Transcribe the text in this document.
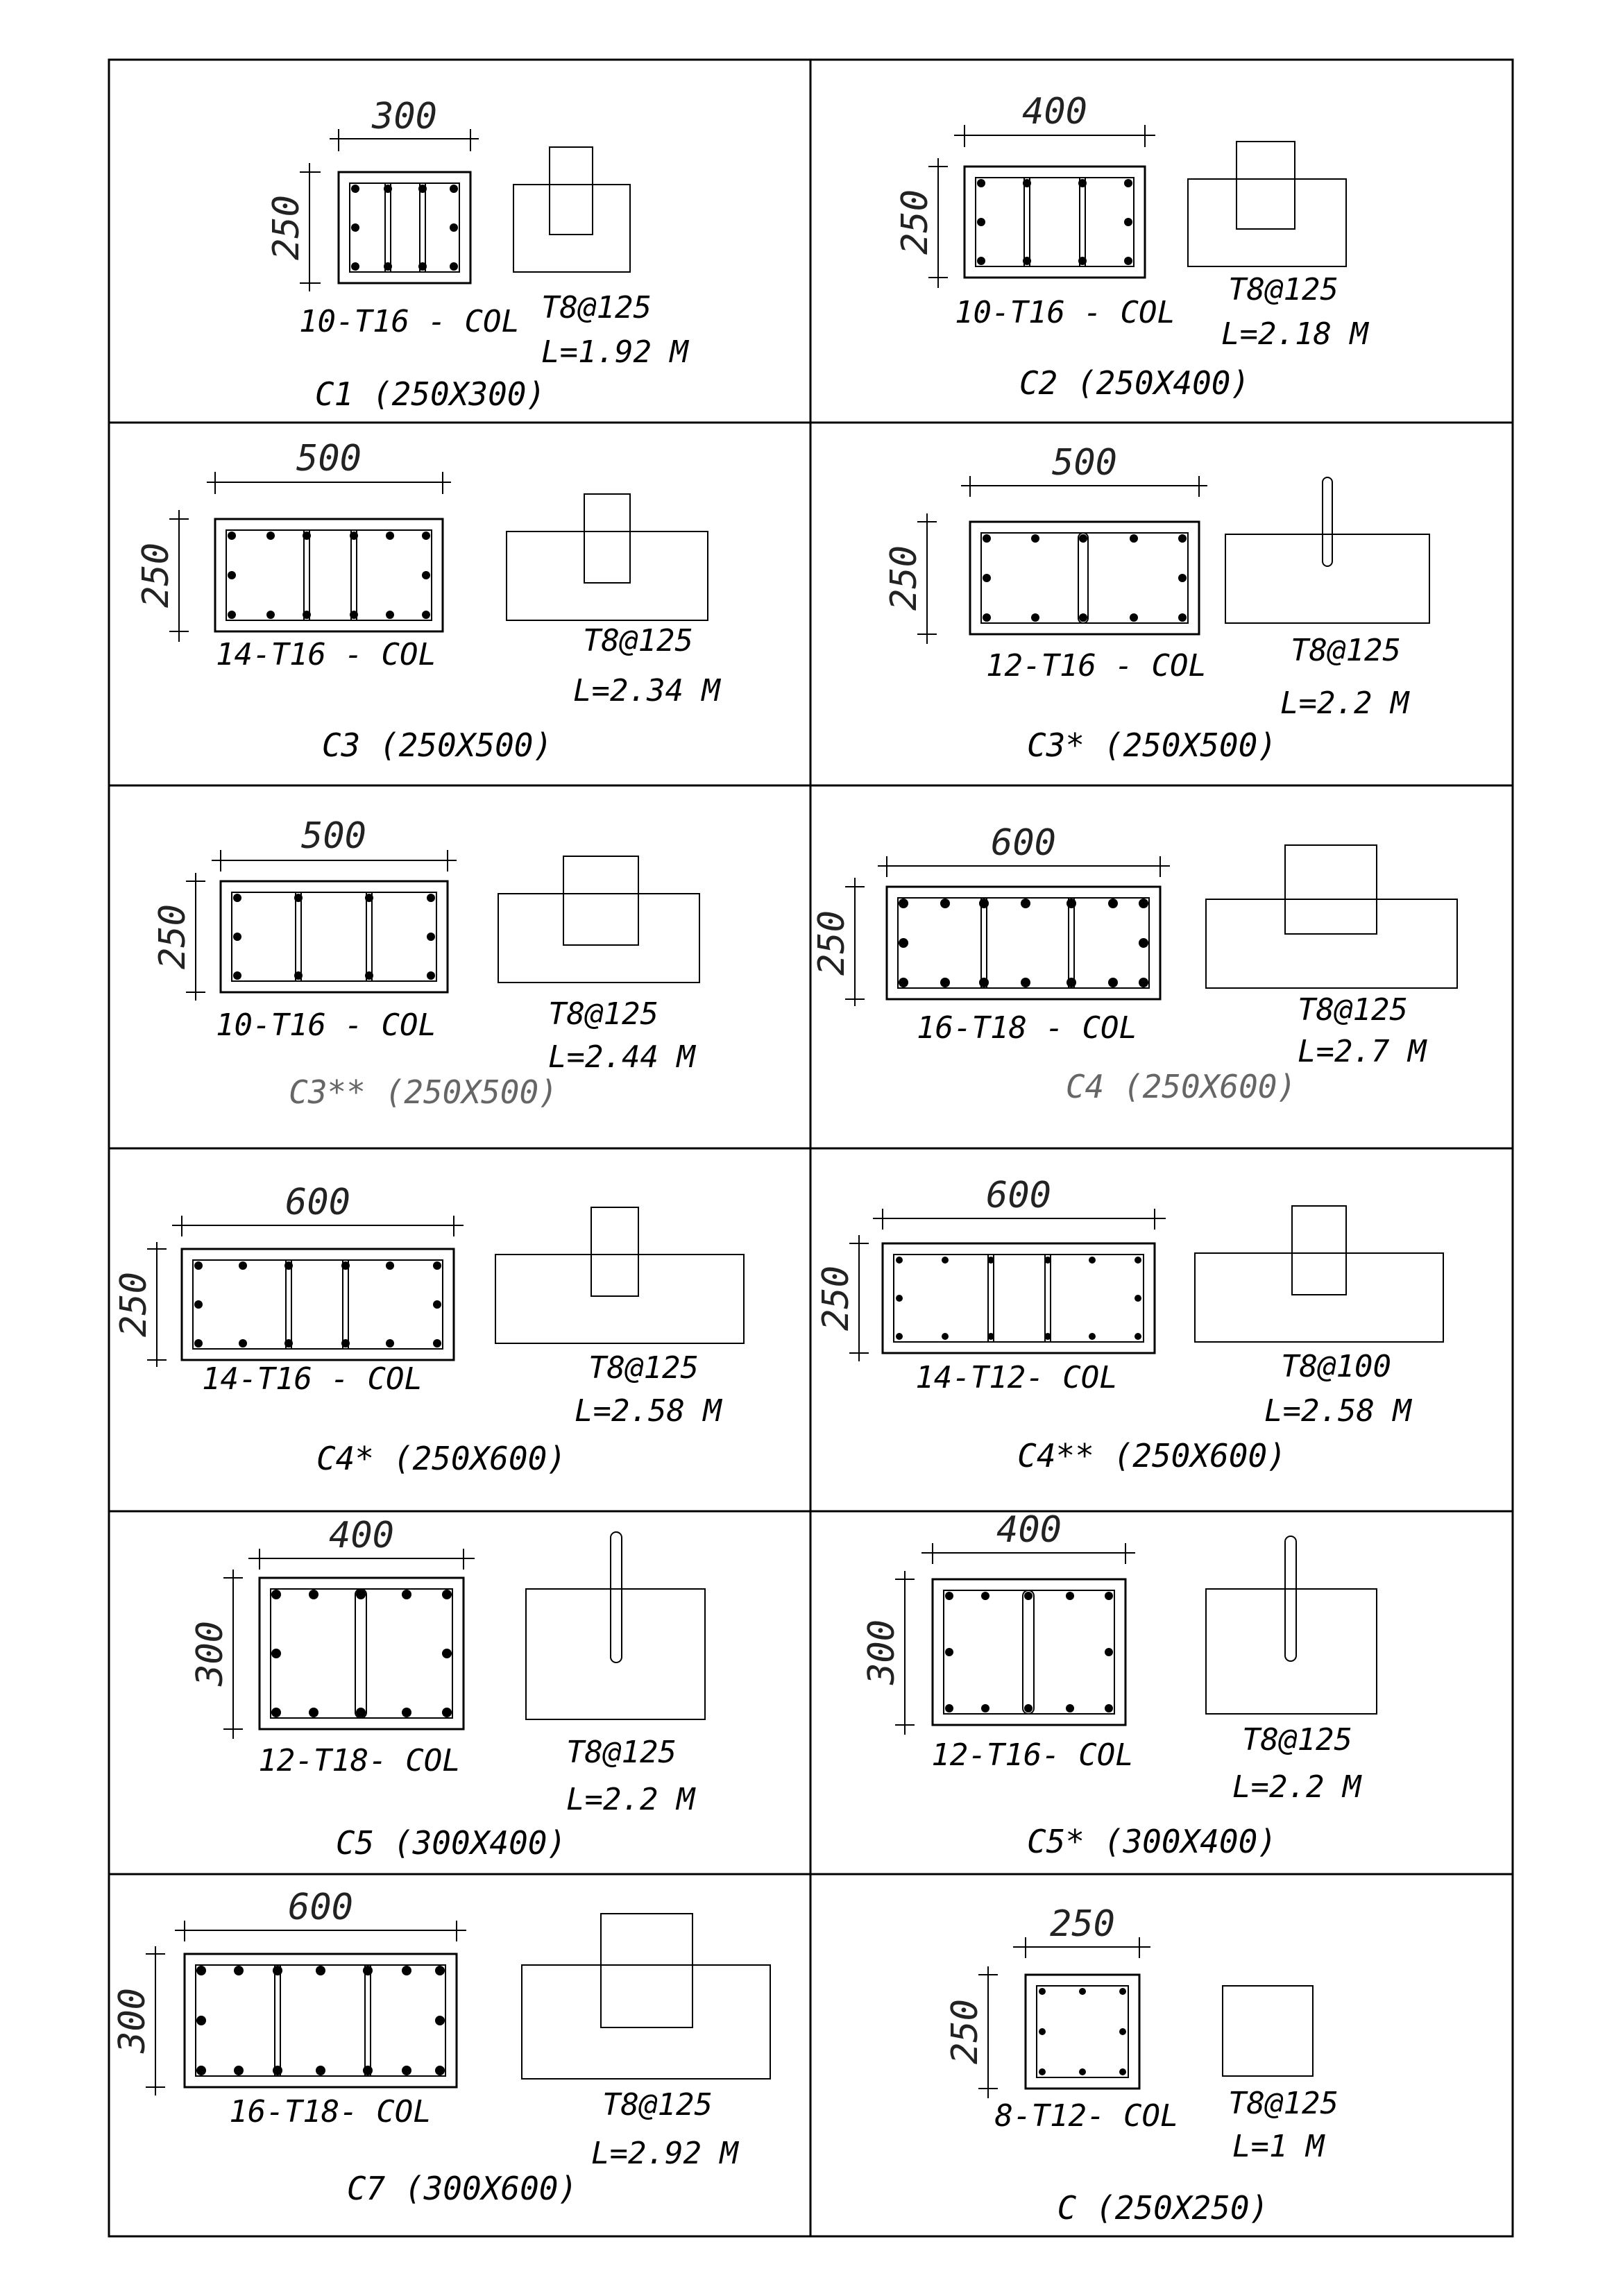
300
250
10-T16 - COL T8@125
L=1.92 M
C1 (250X300)
400
250
10-T16 - COL
T8@125
L=2.18 M
C2 (250X400)
500
250
14-T16 - COL	T8@125
L=2.34 M
C3 (250X500)
500
250
12-T16 - COL	T8@125
L=2.2 M
C3* (250X500)
500
250
10-T16 - COL	T8@125
L=2.44 M
C3** (250X500)
600
250
16-T18 - COL
T8@125
L=2.7 M
C4 (250X600)
600
250
14-T16 - COL	T8@125
L=2.58 M
C4* (250X600)
600
250
14-T12- COL	T8@100
L=2.58 M
C4** (250X600)
400
300
12-T18- COL	T8@125
L=2.2 M
C5 (300X400)
400
300
12-T16- COL	T8@125
L=2.2 M
C5* (300X400)
600
300
16-T18- COL	T8@125
L=2.92 M
C7 (300X600)
250
250
8-T12- COL T8@125
L=1 M
C (250X250)
